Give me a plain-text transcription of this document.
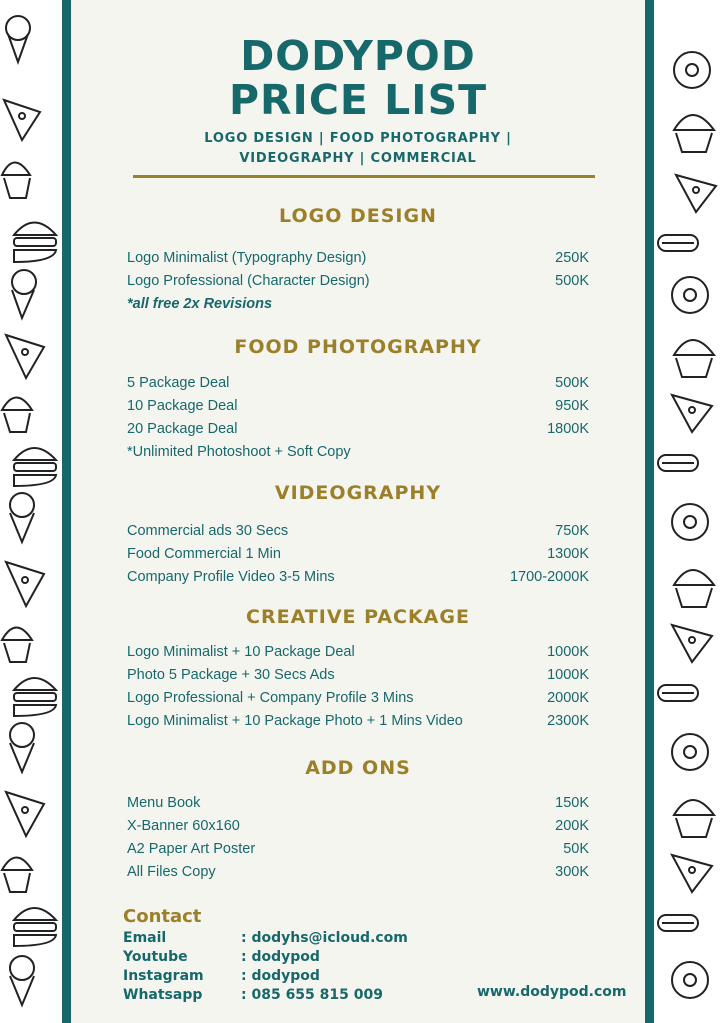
DODYPOD
PRICE LIST
LOGO DESIGN | FOOD PHOTOGRAPHY |
VIDEOGRAPHY | COMMERCIAL
LOGO DESIGN
Logo Minimalist (Typography Design)	250K
Logo Professional (Character Design)	500K
*all free 2x Revisions
FOOD PHOTOGRAPHY
5 Package Deal	500K
10 Package Deal	950K
20 Package Deal	1800K
*Unlimited Photoshoot + Soft Copy
VIDEOGRAPHY
Commercial ads 30 Secs	750K
Food Commercial 1 Min	1300K
Company Profile Video 3-5 Mins	1700-2000K
CREATIVE PACKAGE
Logo Minimalist + 10 Package Deal	1000K
Photo 5 Package + 30 Secs Ads	1000K
Logo Professional + Company Profile 3 Mins	2000K
Logo Minimalist + 10 Package Photo + 1 Mins Video	2300K
ADD ONS
Menu Book	150K
X-Banner 60x160	200K
A2 Paper Art Poster	50K
All Files Copy	300K
Contact
Email	: dodyhs@icloud.com
Youtube	: dodypod
Instagram	: dodypod
Whatsapp	: 085 655 815 009	www.dodypod.com
